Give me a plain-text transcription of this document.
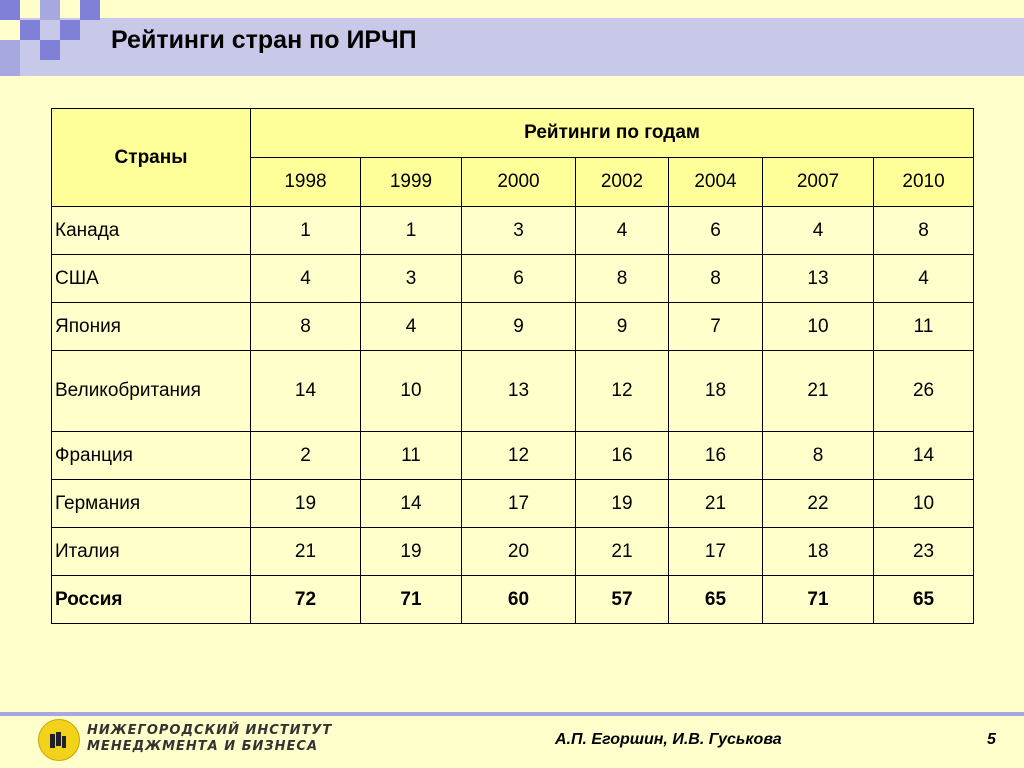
Рейтинги стран по ИРЧП
Страны	Рейтинги по годам						
	1998	1999	2000	2002	2004	2007	2010
Канада	1	1	3	4	6	4	8
США	4	3	6	8	8	13	4
Япония	8	4	9	9	7	10	11
Великобритания	14	10	13	12	18	21	26
Франция	2	11	12	16	16	8	14
Германия	19	14	17	19	21	22	10
Италия	21	19	20	21	17	18	23
Россия	72	71	60	57	65	71	65
НИЖЕГОРОДСКИЙ ИНСТИТУТ
МЕНЕДЖМЕНТА И БИЗНЕСА	А.П. Егоршин, И.В. Гуськова	5
